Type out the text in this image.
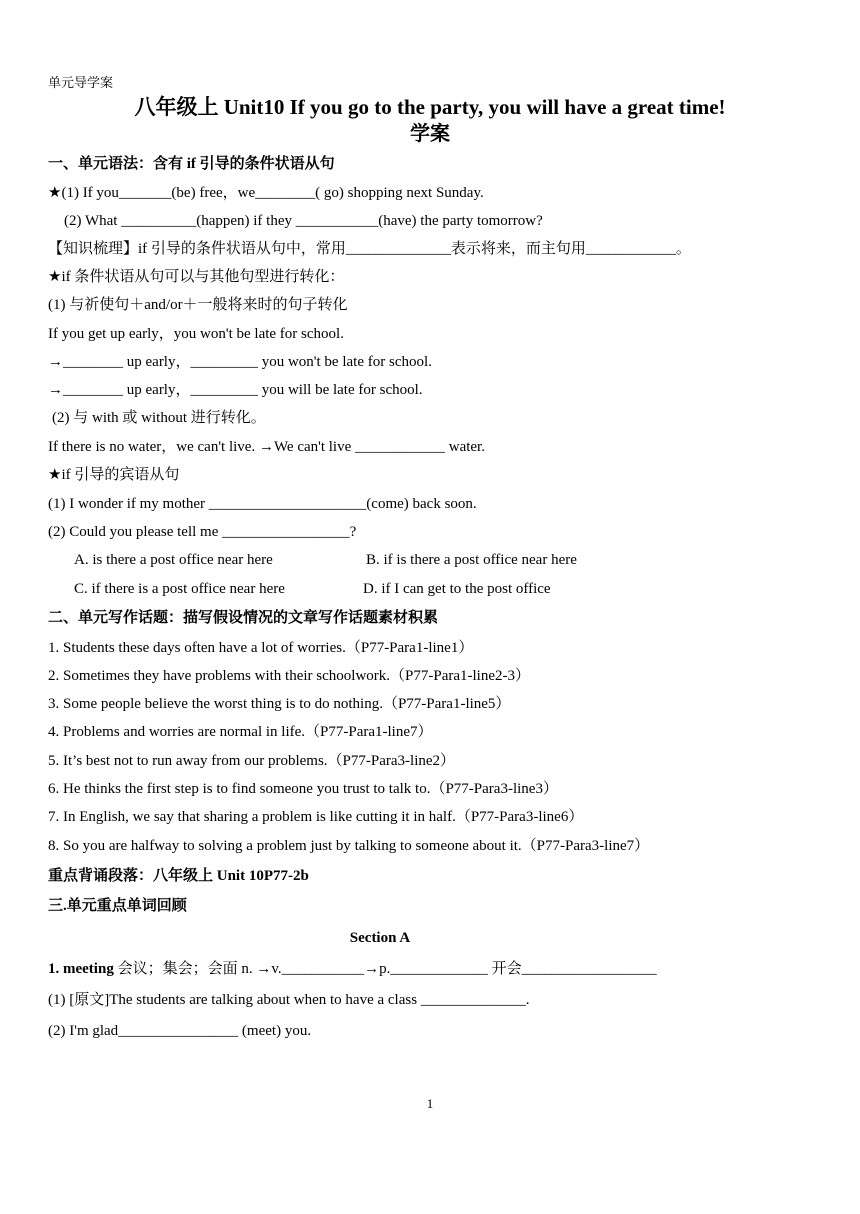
单元导学案
八年级上 Unit10 If you go to the party, you will have a great time!
学案
一、单元语法：含有 if 引导的条件状语从句
★(1) If you_______(be) free，we________( go) shopping next Sunday.
(2) What __________(happen) if they ___________(have) the party tomorrow?
【知识梳理】if 引导的条件状语从句中，常用______________表示将来，而主句用____________。
★if 条件状语从句可以与其他句型进行转化：
(1) 与祈使句＋and/or＋一般将来时的句子转化
If you get up early，you won't be late for school.
→________ up early，_________ you won't be late for school.
→________ up early，_________ you will be late for school.
(2) 与 with 或 without 进行转化。
If there is no water，we can't live. →We can't live ____________ water.
★if 引导的宾语从句
(1) I wonder if my mother _____________________(come) back soon.
(2) Could you please tell me _________________?
A. is there a post office near here	B. if is there a post office near here
C. if there is a post office near here	D. if I can get to the post office
二、单元写作话题：描写假设情况的文章写作话题素材积累
1. Students these days often have a lot of worries.（P77-Para1-line1）
2. Sometimes they have problems with their schoolwork.（P77-Para1-line2-3）
3. Some people believe the worst thing is to do nothing.（P77-Para1-line5）
4. Problems and worries are normal in life.（P77-Para1-line7）
5. It’s best not to run away from our problems.（P77-Para3-line2）
6. He thinks the first step is to find someone you trust to talk to.（P77-Para3-line3）
7. In English, we say that sharing a problem is like cutting it in half.（P77-Para3-line6）
8. So you are halfway to solving a problem just by talking to someone about it.（P77-Para3-line7）
重点背诵段落：八年级上 Unit 10P77-2b
三.单元重点单词回顾
Section A
1. meeting 会议；集会；会面 n. →v.___________→p._____________ 开会__________________
(1) [原文]The students are talking about when to have a class ______________.
(2) I'm glad________________ (meet) you.
1
